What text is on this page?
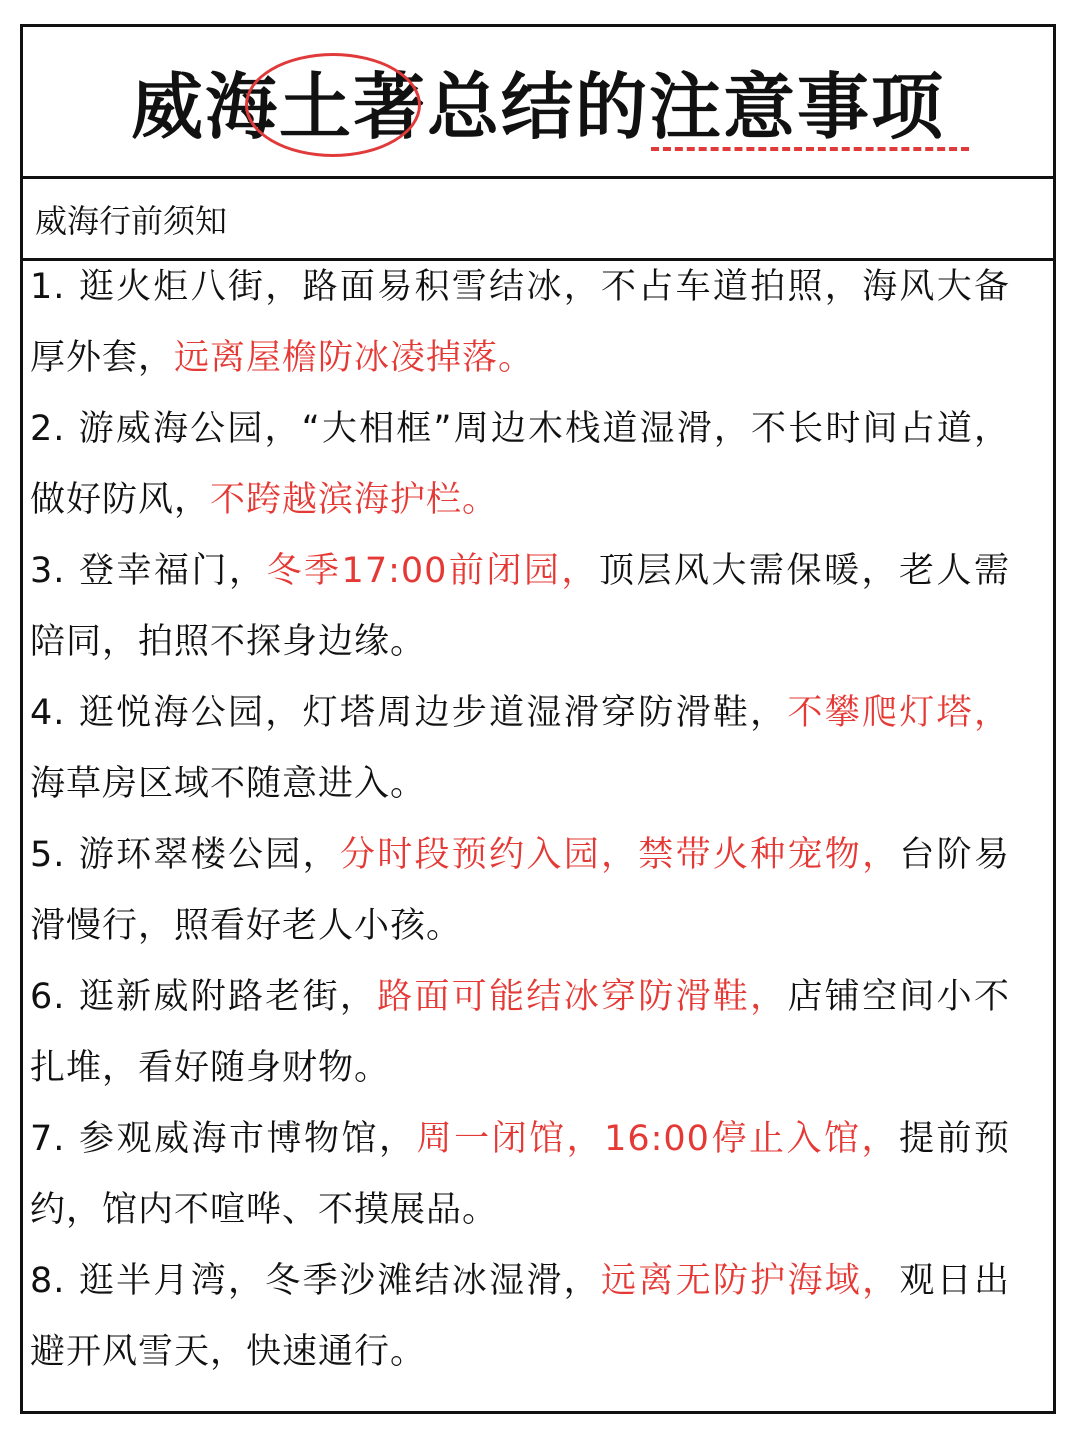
威海土著总结的注意事项
威海行前须知
1. 逛火炬八街，路面易积雪结冰，不占车道拍照，海风大备厚外套，远离屋檐防冰凌掉落。
2. 游威海公园，“大相框”周边木栈道湿滑，不长时间占道，做好防风，不跨越滨海护栏。
3. 登幸福门，冬季17:00前闭园，顶层风大需保暖，老人需陪同，拍照不探身边缘。
4. 逛悦海公园，灯塔周边步道湿滑穿防滑鞋，不攀爬灯塔，海草房区域不随意进入。
5. 游环翠楼公园，分时段预约入园，禁带火种宠物，台阶易滑慢行，照看好老人小孩。
6. 逛新威附路老街，路面可能结冰穿防滑鞋，店铺空间小不扎堆，看好随身财物。
7. 参观威海市博物馆，周一闭馆，16:00停止入馆，提前预约，馆内不喧哗、不摸展品。
8. 逛半月湾，冬季沙滩结冰湿滑，远离无防护海域，观日出避开风雪天，快速通行。
